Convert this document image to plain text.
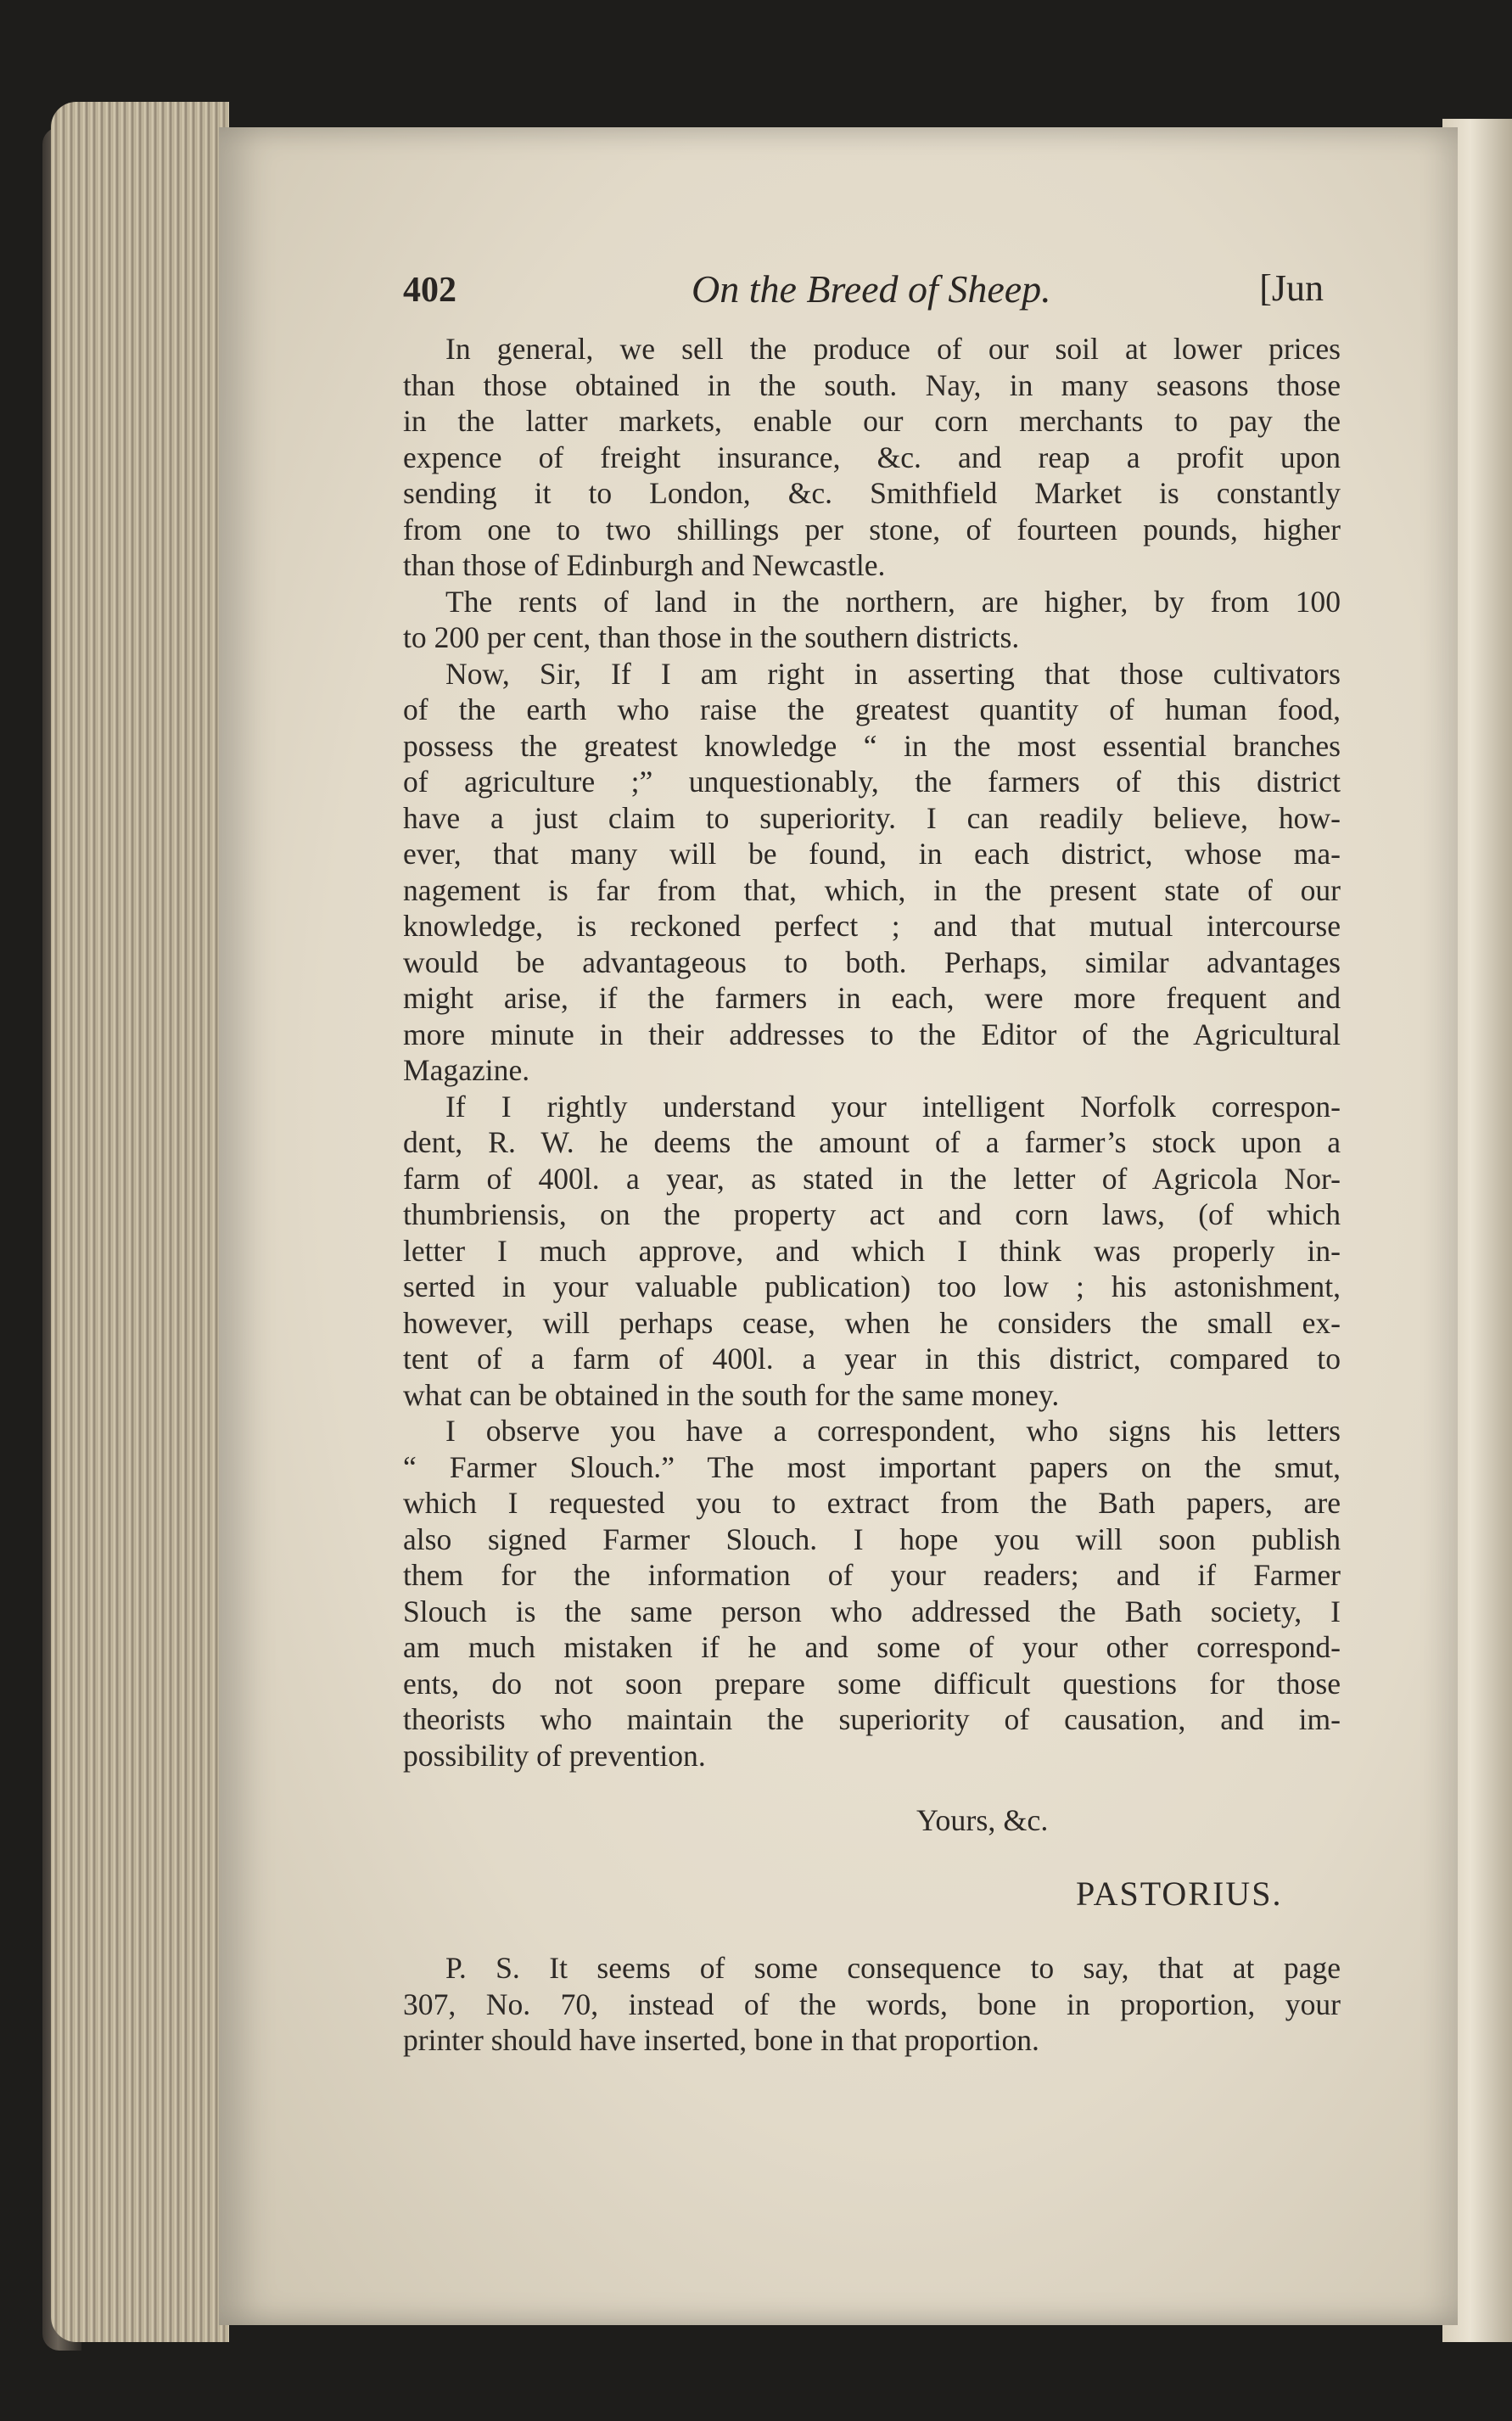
402	On the Breed of Sheep.	[Jun
In general, we sell the produce of our soil at lower prices
than those obtained in the south. Nay, in many seasons those
in the latter markets, enable our corn merchants to pay the
expence of freight insurance, &c. and reap a profit upon
sending it to London, &c. Smithfield Market is constantly
from one to two shillings per stone, of fourteen pounds, higher
than those of Edinburgh and Newcastle.
The rents of land in the northern, are higher, by from 100
to 200 per cent, than those in the southern districts.
Now, Sir, If I am right in asserting that those cultivators
of the earth who raise the greatest quantity of human food,
possess the greatest knowledge “ in the most essential branches
of agriculture ;” unquestionably, the farmers of this district
have a just claim to superiority. I can readily believe, how-
ever, that many will be found, in each district, whose ma-
nagement is far from that, which, in the present state of our
knowledge, is reckoned perfect ; and that mutual intercourse
would be advantageous to both. Perhaps, similar advantages
might arise, if the farmers in each, were more frequent and
more minute in their addresses to the Editor of the Agricultural
Magazine.
If I rightly understand your intelligent Norfolk correspon-
dent, R. W. he deems the amount of a farmer’s stock upon a
farm of 400l. a year, as stated in the letter of Agricola Nor-
thumbriensis, on the property act and corn laws, (of which
letter I much approve, and which I think was properly in-
serted in your valuable publication) too low ; his astonishment,
however, will perhaps cease, when he considers the small ex-
tent of a farm of 400l. a year in this district, compared to
what can be obtained in the south for the same money.
I observe you have a correspondent, who signs his letters
“ Farmer Slouch.” The most important papers on the smut,
which I requested you to extract from the Bath papers, are
also signed Farmer Slouch. I hope you will soon publish
them for the information of your readers; and if Farmer
Slouch is the same person who addressed the Bath society, I
am much mistaken if he and some of your other correspond-
ents, do not soon prepare some difficult questions for those
theorists who maintain the superiority of causation, and im-
possibility of prevention.
Yours, &c.
PASTORIUS.
P. S. It seems of some consequence to say, that at page
307, No. 70, instead of the words, bone in proportion, your
printer should have inserted, bone in that proportion.
